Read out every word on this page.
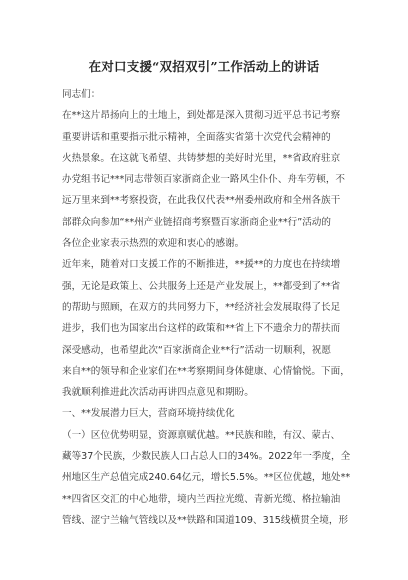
在对口支援“双招双引”工作活动上的讲话
同志们：
在**这片昂扬向上的土地上，到处都是深入贯彻习近平总书记考察
重要讲话和重要指示批示精神，全面落实省第十次党代会精神的
火热景象。在这就飞希望、共铸梦想的美好时光里，**省政府驻京
办党组书记***同志带领百家浙商企业一路风尘仆仆、舟车劳顿，不
远万里来到**考察投资，在此我仅代表**州委州政府和全州各族干
部群众向参加“**州产业链招商考察暨百家浙商企业**行”活动的
各位企业家表示热烈的欢迎和衷心的感谢。
近年来，随着对口支援工作的不断推进，**援**的力度也在持续增
强，无论是政策上、公共服务上还是产业发展上，**都受到了**省
的帮助与照顾，在双方的共同努力下，**经济社会发展取得了长足
进步，我们也为国家出台这样的政策和**省上下不遗余力的帮扶而
深受感动，也希望此次“百家浙商企业**行”活动一切顺利，祝愿
来自**的领导和企业家们在**考察期间身体健康、心情愉悦。下面，
我就顺利推进此次活动再讲四点意见和期盼。
一、**发展潜力巨大，营商环境持续优化
（一）区位优势明显，资源禀赋优越。**民族和睦，有汉、蒙古、
藏等37个民族，少数民族人口占总人口的34%。2022年一季度，全
州地区生产总值完成240.64亿元，增长5.5%。**区位优越，地处**
**四省区交汇的中心地带，境内兰西拉光缆、青新光缆、格拉输油
管线、涩宁兰输气管线以及**铁路和国道109、315线横贯全境，形
